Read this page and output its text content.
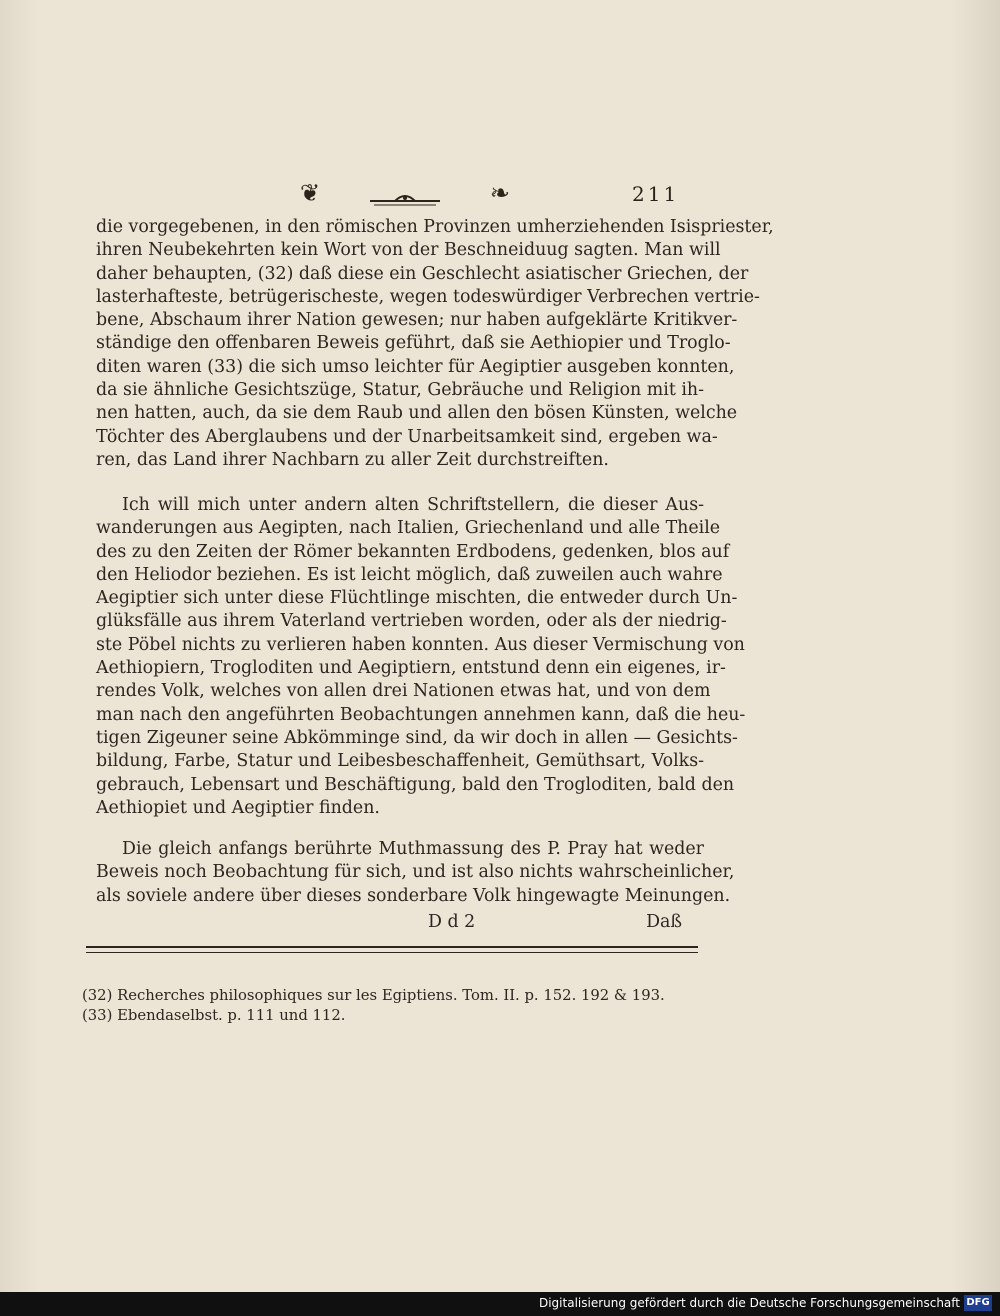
❦	❧	211
die vorgegebenen, in den römischen Provinzen umherziehenden Isispriester,
ihren Neubekehrten kein Wort von der Beschneiduug sagten. Man will
daher behaupten, (32) daß diese ein Geschlecht asiatischer Griechen, der
lasterhafteste, betrügerischeste, wegen todeswürdiger Verbrechen vertrie-
bene, Abschaum ihrer Nation gewesen; nur haben aufgeklärte Kritikver-
ständige den offenbaren Beweis geführt, daß sie Aethiopier und Troglo-
diten waren (33) die sich umso leichter für Aegiptier ausgeben konnten,
da sie ähnliche Gesichtszüge, Statur, Gebräuche und Religion mit ih-
nen hatten, auch, da sie dem Raub und allen den bösen Künsten, welche
Töchter des Aberglaubens und der Unarbeitsamkeit sind, ergeben wa-
ren, das Land ihrer Nachbarn zu aller Zeit durchstreiften.
Ich will mich unter andern alten Schriftstellern, die dieser Aus-
wanderungen aus Aegipten, nach Italien, Griechenland und alle Theile
des zu den Zeiten der Römer bekannten Erdbodens, gedenken, blos auf
den Heliodor beziehen. Es ist leicht möglich, daß zuweilen auch wahre
Aegiptier sich unter diese Flüchtlinge mischten, die entweder durch Un-
glüksfälle aus ihrem Vaterland vertrieben worden, oder als der niedrig-
ste Pöbel nichts zu verlieren haben konnten. Aus dieser Vermischung von
Aethiopiern, Trogloditen und Aegiptiern, entstund denn ein eigenes, ir-
rendes Volk, welches von allen drei Nationen etwas hat, und von dem
man nach den angeführten Beobachtungen annehmen kann, daß die heu-
tigen Zigeuner seine Abkömminge sind, da wir doch in allen — Gesichts-
bildung, Farbe, Statur und Leibesbeschaffenheit, Gemüthsart, Volks-
gebrauch, Lebensart und Beschäftigung, bald den Trogloditen, bald den
Aethiopiet und Aegiptier finden.
Die gleich anfangs berührte Muthmassung des P. Pray hat weder
Beweis noch Beobachtung für sich, und ist also nichts wahrscheinlicher,
als soviele andere über dieses sonderbare Volk hingewagte Meinungen.
D d 2	Daß
(32) Recherches philosophiques sur les Egiptiens. Tom. II. p. 152. 192 & 193.
(33) Ebendaselbst. p. 111 und 112.
Digitalisierung gefördert durch die Deutsche Forschungsgemeinschaft DFG
